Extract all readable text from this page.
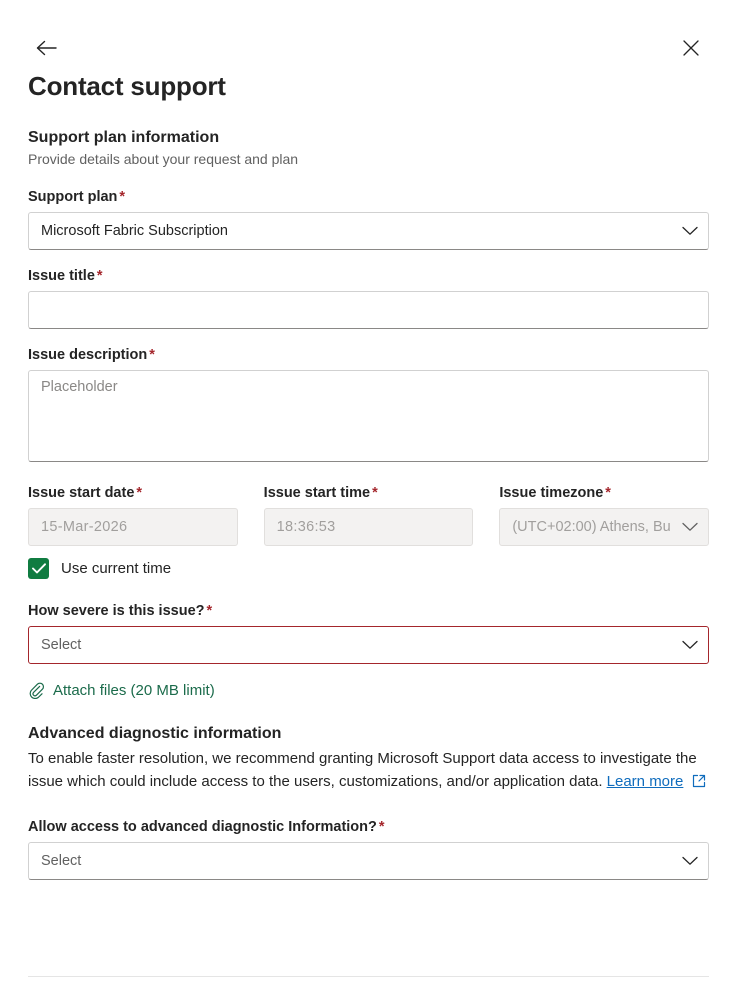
Contact support
Support plan information
Provide details about your request and plan
Support plan *
Microsoft Fabric Subscription
Issue title *
Issue description *
Placeholder
Issue start date *
15-Mar-2026
Issue start time *
18:36:53
Issue timezone *
(UTC+02:00) Athens, Bu
Use current time
How severe is this issue? *
Select
Attach files (20 MB limit)
Advanced diagnostic information
To enable faster resolution, we recommend granting Microsoft Support data access to investigate the issue which could include access to the users, customizations, and/or application data. Learn more
Allow access to advanced diagnostic Information? *
Select
